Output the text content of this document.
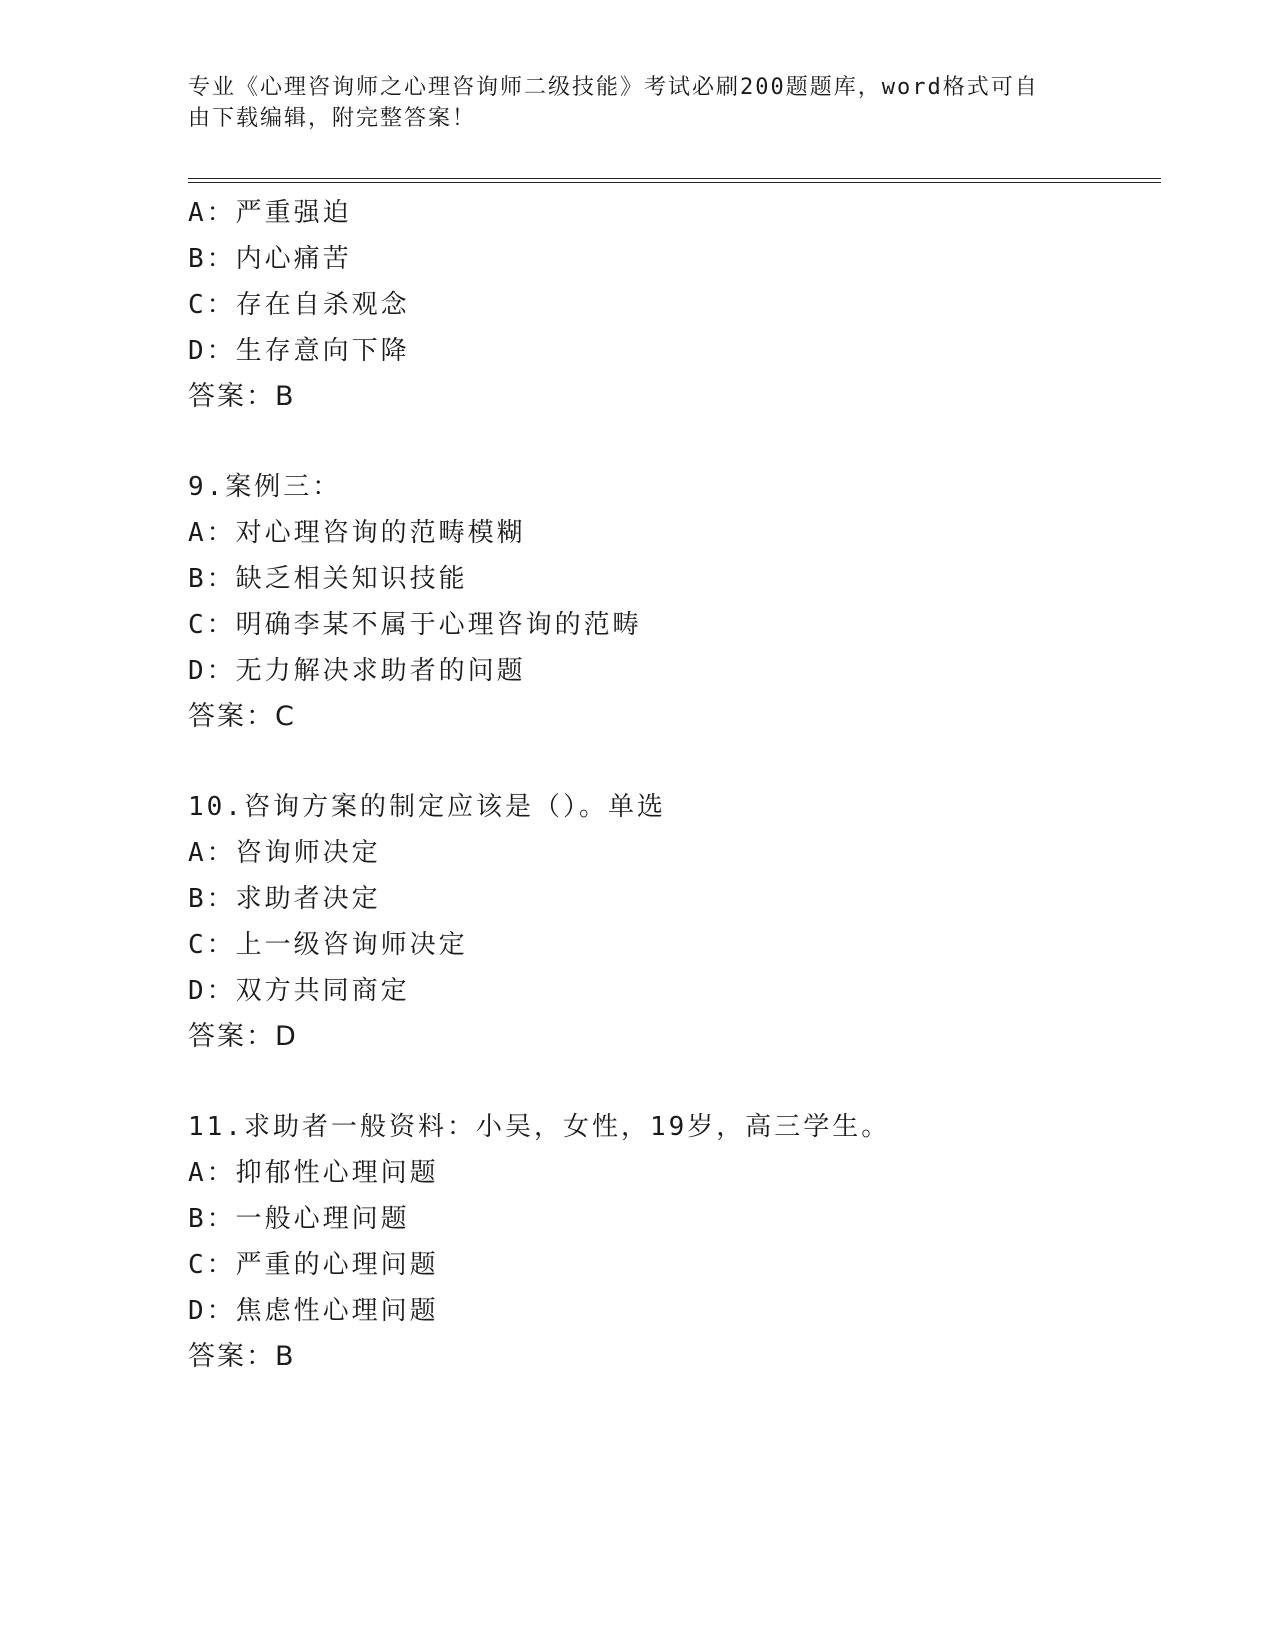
专业《心理咨询师之心理咨询师二级技能》考试必刷200题题库，word格式可自
由下载编辑，附完整答案！
A：严重强迫
B：内心痛苦
C：存在自杀观念
D：生存意向下降
答案：B
9.案例三：
A：对心理咨询的范畴模糊
B：缺乏相关知识技能
C：明确李某不属于心理咨询的范畴
D：无力解决求助者的问题
答案：C
10.咨询方案的制定应该是（）。单选
A：咨询师决定
B：求助者决定
C：上一级咨询师决定
D：双方共同商定
答案：D
11.求助者一般资料：小吴，女性，19岁，高三学生。
A：抑郁性心理问题
B：一般心理问题
C：严重的心理问题
D：焦虑性心理问题
答案：B
